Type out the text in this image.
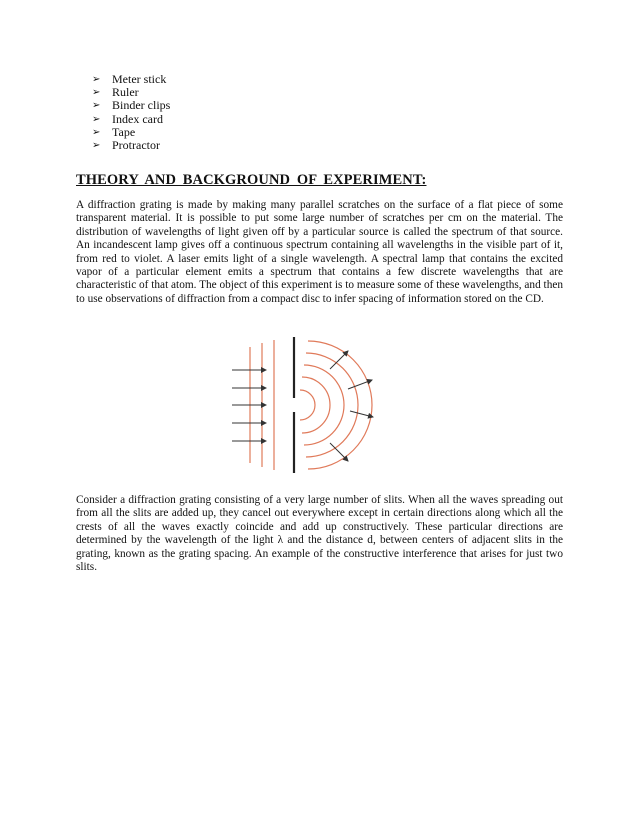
➢ Meter stick
➢ Ruler
➢ Binder clips
➢ Index card
➢ Tape
➢ Protractor
THEORY AND BACKGROUND OF EXPERIMENT:

A diffraction grating is made by making many parallel scratches on the surface of a flat piece of some transparent material. It is possible to put some large number of scratches per cm on the material. The distribution of wavelengths of light given off by a particular source is called the spectrum of that source. An incandescent lamp gives off a continuous spectrum containing all wavelengths in the visible part of it, from red to violet. A laser emits light of a single wavelength. A spectral lamp that contains the excited vapor of a particular element emits a spectrum that contains a few discrete wavelengths that are characteristic of that atom. The object of this experiment is to measure some of these wavelengths, and then to use observations of diffraction from a compact disc to infer spacing of information stored on the CD.

Consider a diffraction grating consisting of a very large number of slits. When all the waves spreading out from all the slits are added up, they cancel out everywhere except in certain directions along which all the crests of all the waves exactly coincide and add up constructively. These particular directions are determined by the wavelength of the light λ and the distance d, between centers of adjacent slits in the grating, known as the grating spacing. An example of the constructive interference that arises for just two slits.
